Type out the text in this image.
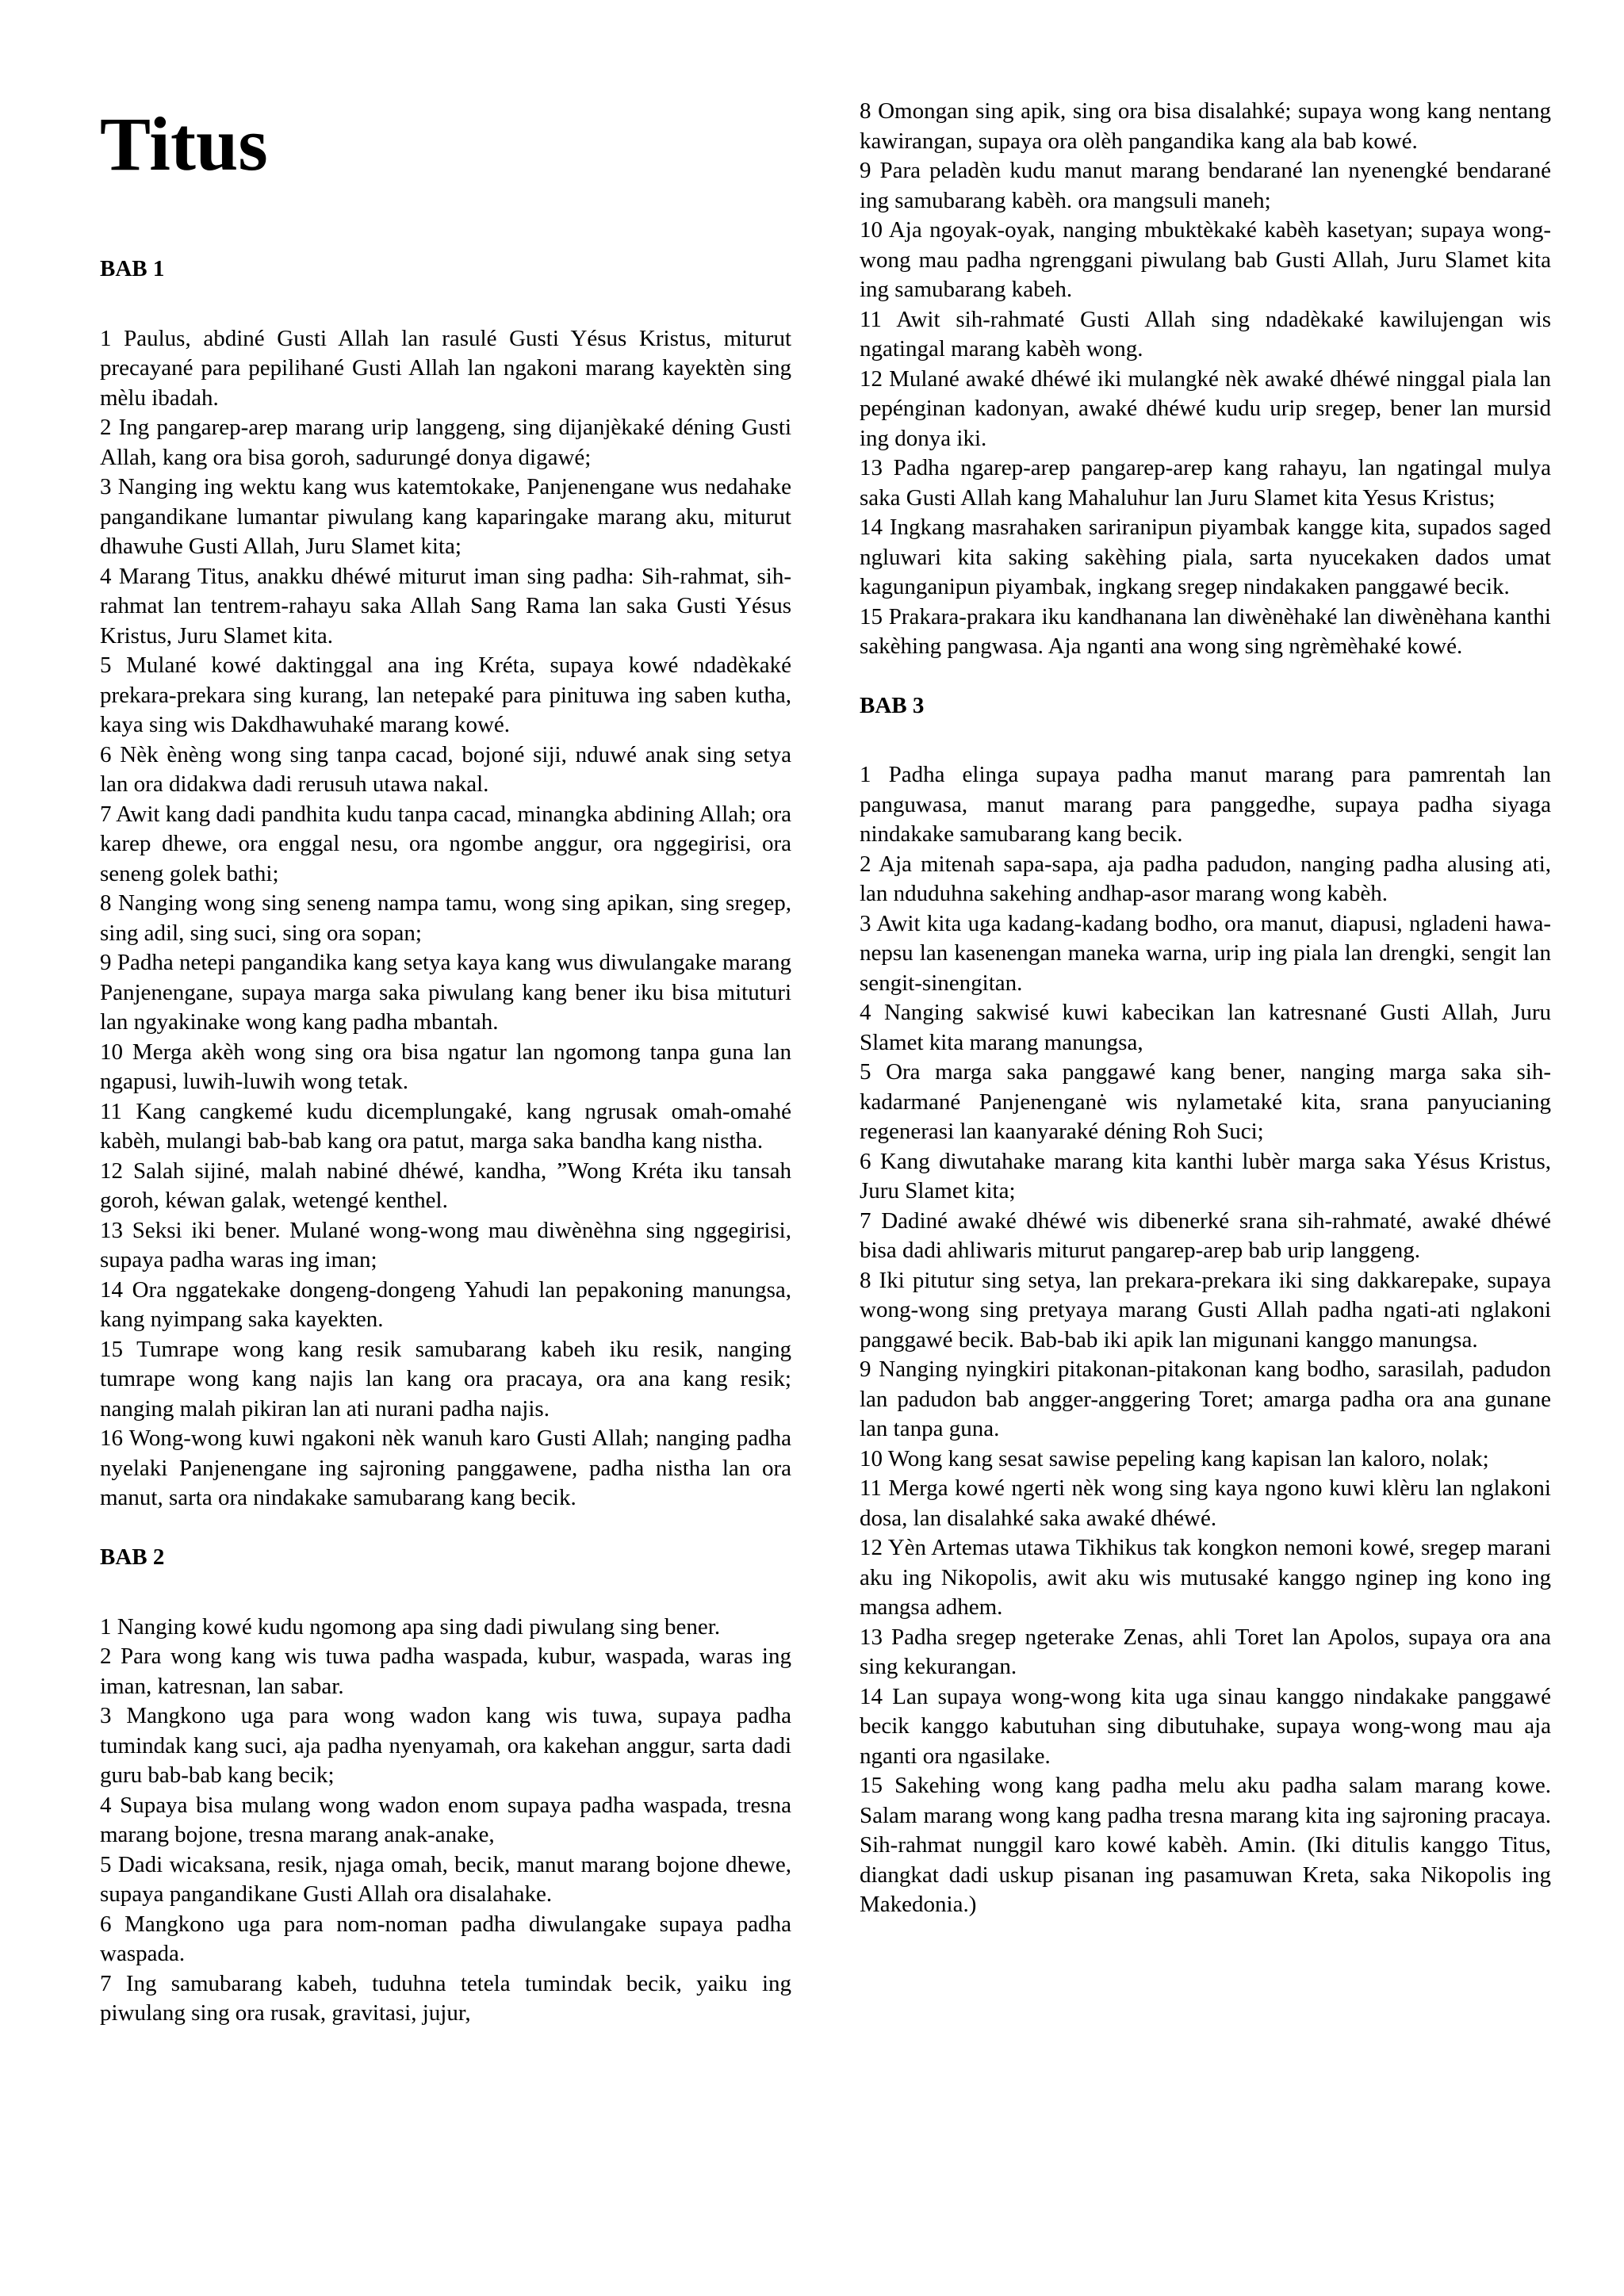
Titus
BAB 1

1 Paulus, abdiné Gusti Allah lan rasulé Gusti Yésus Kristus, miturut precayané para pepilihané Gusti Allah lan ngakoni marang kayektèn sing mèlu ibadah.

2 Ing pangarep-arep marang urip langgeng, sing dijanjèkaké déning Gusti Allah, kang ora bisa goroh, sadurungé donya digawé;

3 Nanging ing wektu kang wus katemtokake, Panjenengane wus nedahake pangandikane lumantar piwulang kang kaparingake marang aku, miturut dhawuhe Gusti Allah, Juru Slamet kita;

4 Marang Titus, anakku dhéwé miturut iman sing padha: Sih-rahmat, sih-rahmat lan tentrem-rahayu saka Allah Sang Rama lan saka Gusti Yésus Kristus, Juru Slamet kita.

5 Mulané kowé daktinggal ana ing Kréta, supaya kowé ndadèkaké prekara-prekara sing kurang, lan netepaké para pinituwa ing saben kutha, kaya sing wis Dakdhawuhaké marang kowé.

6 Nèk ènèng wong sing tanpa cacad, bojoné siji, nduwé anak sing setya lan ora didakwa dadi rerusuh utawa nakal.

7 Awit kang dadi pandhita kudu tanpa cacad, minangka abdining Allah; ora karep dhewe, ora enggal nesu, ora ngombe anggur, ora nggegirisi, ora seneng golek bathi;

8 Nanging wong sing seneng nampa tamu, wong sing apikan, sing sregep, sing adil, sing suci, sing ora sopan;

9 Padha netepi pangandika kang setya kaya kang wus diwulangake marang Panjenengane, supaya marga saka piwulang kang bener iku bisa mituturi lan ngyakinake wong kang padha mbantah.

10 Merga akèh wong sing ora bisa ngatur lan ngomong tanpa guna lan ngapusi, luwih-luwih wong tetak.

11 Kang cangkemé kudu dicemplungaké, kang ngrusak omah-omahé kabèh, mulangi bab-bab kang ora patut, marga saka bandha kang nistha.

12 Salah sijiné, malah nabiné dhéwé, kandha, ”Wong Kréta iku tansah goroh, kéwan galak, wetengé kenthel.

13 Seksi iki bener. Mulané wong-wong mau diwènèhna sing nggegirisi, supaya padha waras ing iman;

14 Ora nggatekake dongeng-dongeng Yahudi lan pepakoning manungsa, kang nyimpang saka kayekten.

15 Tumrape wong kang resik samubarang kabeh iku resik, nanging tumrape wong kang najis lan kang ora pracaya, ora ana kang resik; nanging malah pikiran lan ati nurani padha najis.

16 Wong-wong kuwi ngakoni nèk wanuh karo Gusti Allah; nanging padha nyelaki Panjenengane ing sajroning panggawene, padha nistha lan ora manut, sarta ora nindakake samubarang kang becik.

BAB 2

1 Nanging kowé kudu ngomong apa sing dadi piwulang sing bener.

2 Para wong kang wis tuwa padha waspada, kubur, waspada, waras ing iman, katresnan, lan sabar.

3 Mangkono uga para wong wadon kang wis tuwa, supaya padha tumindak kang suci, aja padha nyenyamah, ora kakehan anggur, sarta dadi guru bab-bab kang becik;

4 Supaya bisa mulang wong wadon enom supaya padha waspada, tresna marang bojone, tresna marang anak-anake,

5 Dadi wicaksana, resik, njaga omah, becik, manut marang bojone dhewe, supaya pangandikane Gusti Allah ora disalahake.

6 Mangkono uga para nom-noman padha diwulangake supaya padha waspada.

7 Ing samubarang kabeh, tuduhna tetela tumindak becik, yaiku ing piwulang sing ora rusak, gravitasi, jujur,

8 Omongan sing apik, sing ora bisa disalahké; supaya wong kang nentang kawirangan, supaya ora olèh pangandika kang ala bab kowé.

9 Para peladèn kudu manut marang bendarané lan nyenengké bendarané ing samubarang kabèh. ora mangsuli maneh;

10 Aja ngoyak-oyak, nanging mbuktèkaké kabèh kasetyan; supaya wong-wong mau padha ngrenggani piwulang bab Gusti Allah, Juru Slamet kita ing samubarang kabeh.

11 Awit sih-rahmaté Gusti Allah sing ndadèkaké kawilujengan wis ngatingal marang kabèh wong.

12 Mulané awaké dhéwé iki mulangké nèk awaké dhéwé ninggal piala lan pepénginan kadonyan, awaké dhéwé kudu urip sregep, bener lan mursid ing donya iki.

13 Padha ngarep-arep pangarep-arep kang rahayu, lan ngatingal mulya saka Gusti Allah kang Mahaluhur lan Juru Slamet kita Yesus Kristus;

14 Ingkang masrahaken sariranipun piyambak kangge kita, supados saged ngluwari kita saking sakèhing piala, sarta nyucekaken dados umat kagunganipun piyambak, ingkang sregep nindakaken panggawé becik.

15 Prakara-prakara iku kandhanana lan diwènèhaké lan diwènèhana kanthi sakèhing pangwasa. Aja nganti ana wong sing ngrèmèhaké kowé.

BAB 3

1 Padha elinga supaya padha manut marang para pamrentah lan panguwasa, manut marang para panggedhe, supaya padha siyaga nindakake samubarang kang becik.

2 Aja mitenah sapa-sapa, aja padha padudon, nanging padha alusing ati, lan nduduhna sakehing andhap-asor marang wong kabèh.

3 Awit kita uga kadang-kadang bodho, ora manut, diapusi, ngladeni hawa-nepsu lan kasenengan maneka warna, urip ing piala lan drengki, sengit lan sengit-sinengitan.

4 Nanging sakwisé kuwi kabecikan lan katresnané Gusti Allah, Juru Slamet kita marang manungsa,

5 Ora marga saka panggawé kang bener, nanging marga saka sih-kadarmané Panjenenganė wis nylametaké kita, srana panyucianing regenerasi lan kaanyaraké déning Roh Suci;

6 Kang diwutahake marang kita kanthi lubèr marga saka Yésus Kristus, Juru Slamet kita;

7 Dadiné awaké dhéwé wis dibenerké srana sih-rahmaté, awaké dhéwé bisa dadi ahliwaris miturut pangarep-arep bab urip langgeng.

8 Iki pitutur sing setya, lan prekara-prekara iki sing dakkarepake, supaya wong-wong sing pretyaya marang Gusti Allah padha ngati-ati nglakoni panggawé becik. Bab-bab iki apik lan migunani kanggo manungsa.

9 Nanging nyingkiri pitakonan-pitakonan kang bodho, sarasilah, padudon lan padudon bab angger-anggering Toret; amarga padha ora ana gunane lan tanpa guna.

10 Wong kang sesat sawise pepeling kang kapisan lan kaloro, nolak;

11 Merga kowé ngerti nèk wong sing kaya ngono kuwi klèru lan nglakoni dosa, lan disalahké saka awaké dhéwé.

12 Yèn Artemas utawa Tikhikus tak kongkon nemoni kowé, sregep marani aku ing Nikopolis, awit aku wis mutusaké kanggo nginep ing kono ing mangsa adhem.

13 Padha sregep ngeterake Zenas, ahli Toret lan Apolos, supaya ora ana sing kekurangan.

14 Lan supaya wong-wong kita uga sinau kanggo nindakake panggawé becik kanggo kabutuhan sing dibutuhake, supaya wong-wong mau aja nganti ora ngasilake.

15 Sakehing wong kang padha melu aku padha salam marang kowe. Salam marang wong kang padha tresna marang kita ing sajroning pracaya. Sih-rahmat nunggil karo kowé kabèh. Amin. (Iki ditulis kanggo Titus, diangkat dadi uskup pisanan ing pasamuwan Kreta, saka Nikopolis ing Makedonia.)
